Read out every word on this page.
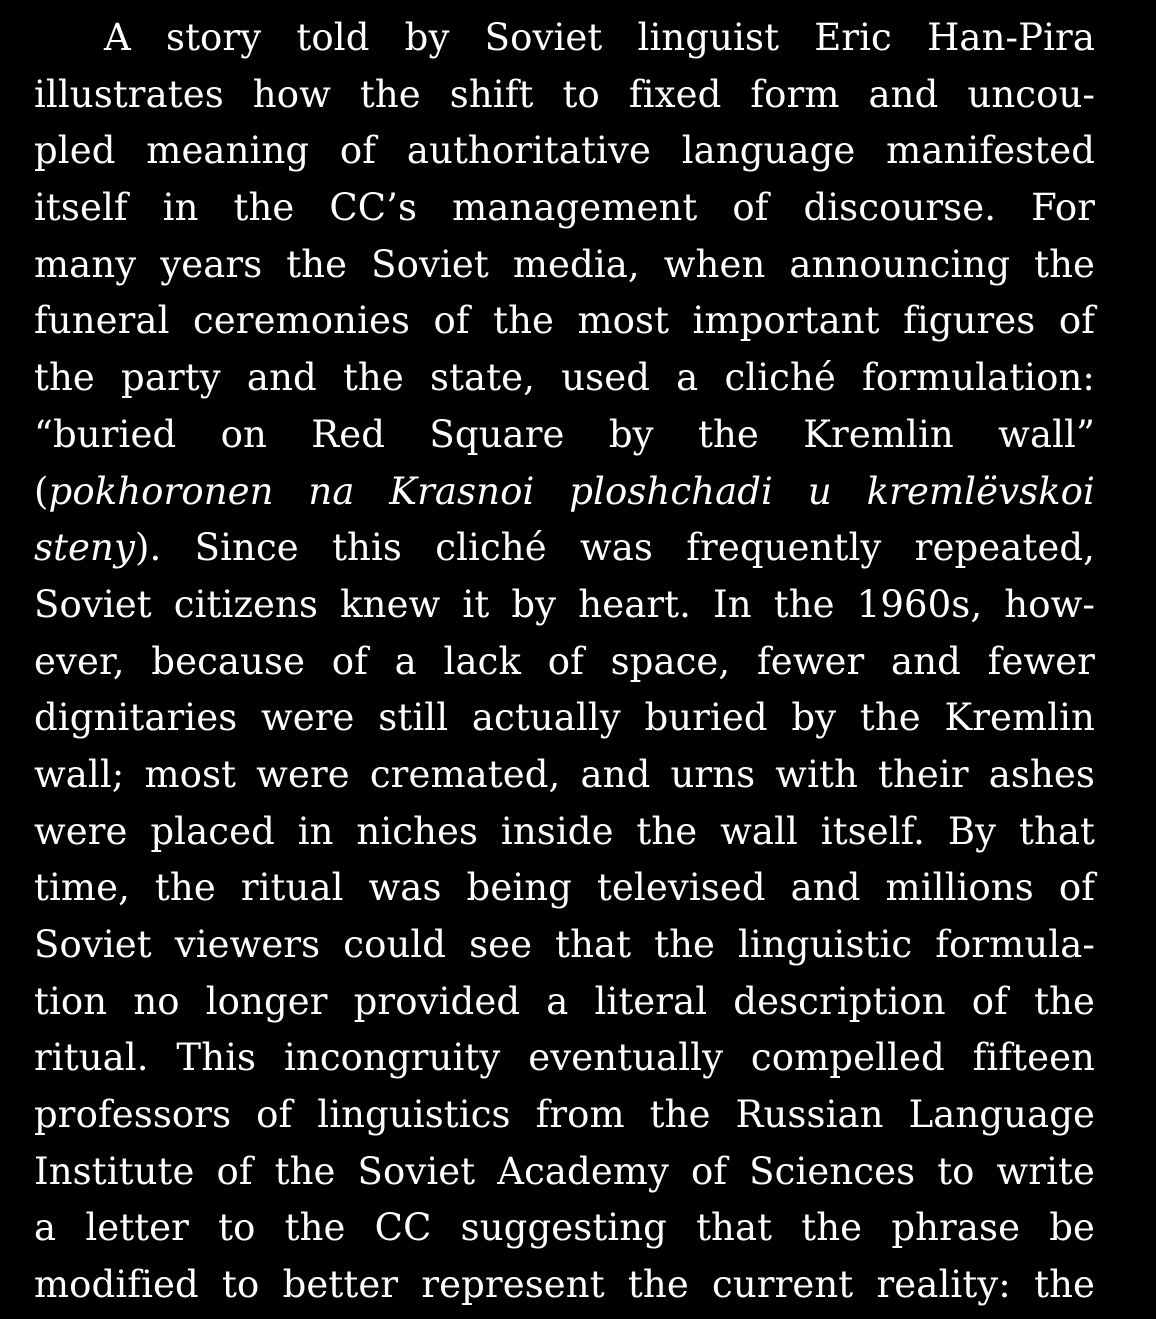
A story told by Soviet linguist Eric Han-Pira
illustrates how the shift to fixed form and uncou-
pled meaning of authoritative language manifested
itself in the CC’s management of discourse. For
many years the Soviet media, when announcing the
funeral ceremonies of the most important figures of
the party and the state, used a cliché formulation:
“buried on Red Square by the Kremlin wall”
(pokhoronen na Krasnoi ploshchadi u kremlëvskoi
steny). Since this cliché was frequently repeated,
Soviet citizens knew it by heart. In the 1960s, how-
ever, because of a lack of space, fewer and fewer
dignitaries were still actually buried by the Kremlin
wall; most were cremated, and urns with their ashes
were placed in niches inside the wall itself. By that
time, the ritual was being televised and millions of
Soviet viewers could see that the linguistic formula-
tion no longer provided a literal description of the
ritual. This incongruity eventually compelled fifteen
professors of linguistics from the Russian Language
Institute of the Soviet Academy of Sciences to write
a letter to the CC suggesting that the phrase be
modified to better represent the current reality: the
